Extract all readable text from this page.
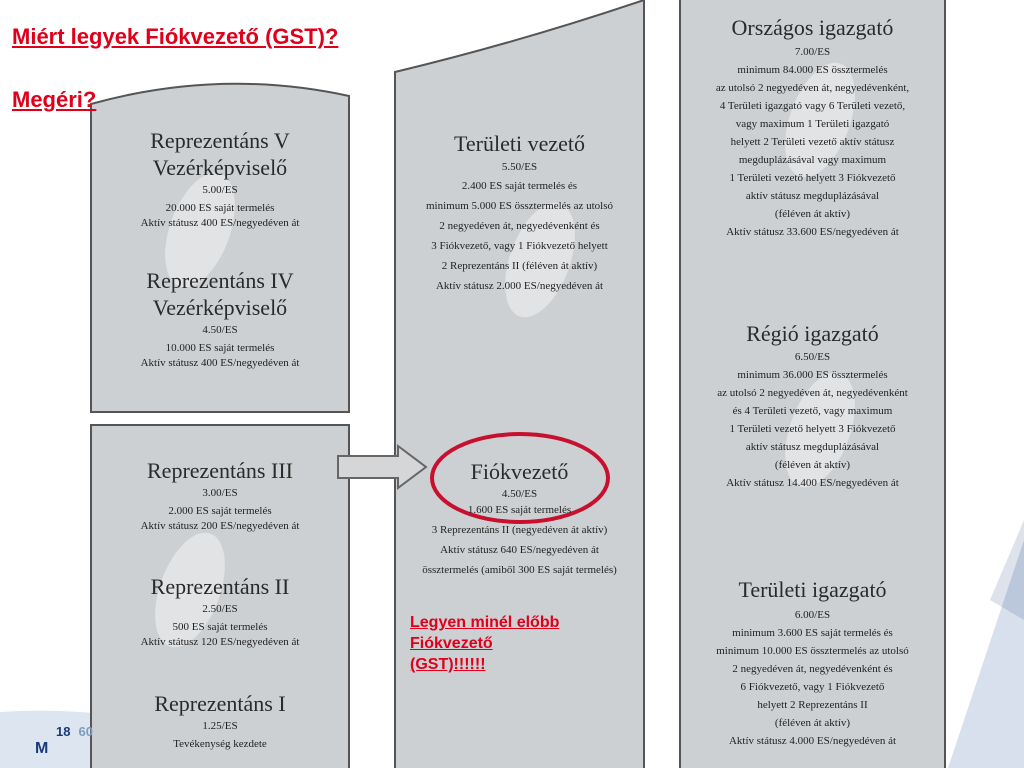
Miért legyek Fiókvezető (GST)?
Megéri?
Reprezentáns V
Vezérképviselő
5.00/ES
20.000 ES saját termelés
Aktív státusz 400 ES/negyedéven át
Reprezentáns IV
Vezérképviselő
4.50/ES
10.000 ES saját termelés
Aktív státusz 400 ES/negyedéven át
Reprezentáns III
3.00/ES
2.000 ES saját termelés
Aktív státusz 200 ES/negyedéven át
Reprezentáns II
2.50/ES
500 ES saját termelés
Aktív státusz 120 ES/negyedéven át
Reprezentáns I
1.25/ES
Tevékenység kezdete
Területi vezető
5.50/ES
2.400 ES saját termelés és
minimum 5.000 ES össztermelés az utolsó
2 negyedéven át, negyedévenként és
3 Fiókvezető, vagy 1 Fiókvezető helyett
2 Reprezentáns II (féléven át aktív)
Aktív státusz 2.000 ES/negyedéven át
Fiókvezető
4.50/ES
1.600 ES saját termelés
3 Reprezentáns II (negyedéven át aktív)
Aktív státusz 640 ES/negyedéven át
össztermelés (amiből 300 ES saját termelés)
Országos igazgató
7.00/ES
minimum 84.000 ES össztermelés
az utolsó 2 negyedéven át, negyedévenként,
4 Területi igazgató vagy 6 Területi vezető,
vagy maximum 1 Területi igazgató
helyett 2 Területi vezető aktív státusz
megduplázásával vagy maximum
1 Területi vezető helyett 3 Fiókvezető
aktív státusz megduplázásával
(féléven át aktív)
Aktív státusz 33.600 ES/negyedéven át
Régió igazgató
6.50/ES
minimum 36.000 ES össztermelés
az utolsó 2 negyedéven át, negyedévenként
és 4 Területi vezető, vagy maximum
1 Területi vezető helyett 3 Fiókvezető
aktív státusz megduplázásával
(féléven át aktív)
Aktív státusz 14.400 ES/negyedéven át
Területi igazgató
6.00/ES
minimum 3.600 ES saját termelés és
minimum 10.000 ES össztermelés az utolsó
2 negyedéven át, negyedévenként és
6 Fiókvezető, vagy 1 Fiókvezető
helyett 2 Reprezentáns II
(féléven át aktív)
Aktív státusz 4.000 ES/negyedéven át
Legyen minél előbb
Fiókvezető
(GST)!!!!!!
M
18 60
